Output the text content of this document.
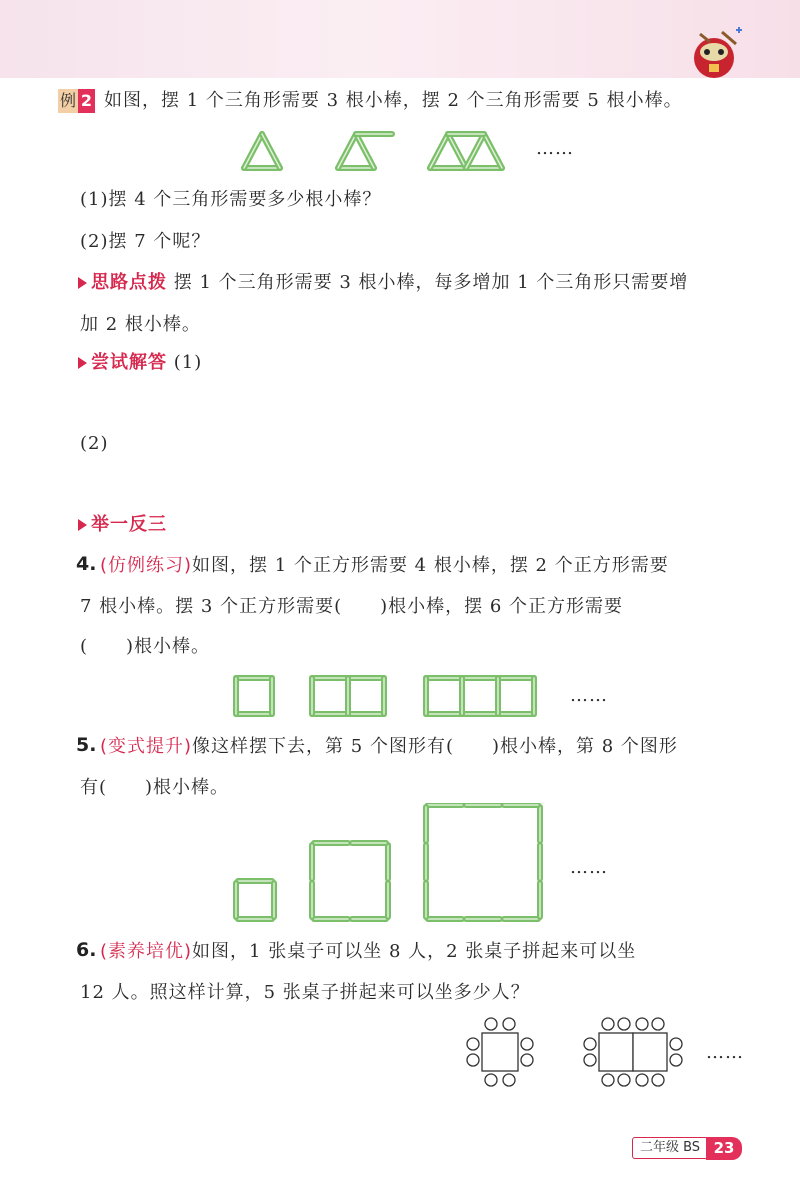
例 2 如图，摆 1 个三角形需要 3 根小棒，摆 2 个三角形需要 5 根小棒。
……
(1)摆 4 个三角形需要多少根小棒？
(2)摆 7 个呢？
思路点拨 摆 1 个三角形需要 3 根小棒，每多增加 1 个三角形只需要增
加 2 根小棒。
尝试解答 (1)
(2)
举一反三
4. (仿例练习)如图，摆 1 个正方形需要 4 根小棒，摆 2 个正方形需要
7 根小棒。摆 3 个正方形需要(　　)根小棒，摆 6 个正方形需要
(　　)根小棒。
……
5. (变式提升)像这样摆下去，第 5 个图形有(　　)根小棒，第 8 个图形
有(　　)根小棒。
……
6. (素养培优)如图，1 张桌子可以坐 8 人，2 张桌子拼起来可以坐
12 人。照这样计算，5 张桌子拼起来可以坐多少人？
……
二年级 BS 23
